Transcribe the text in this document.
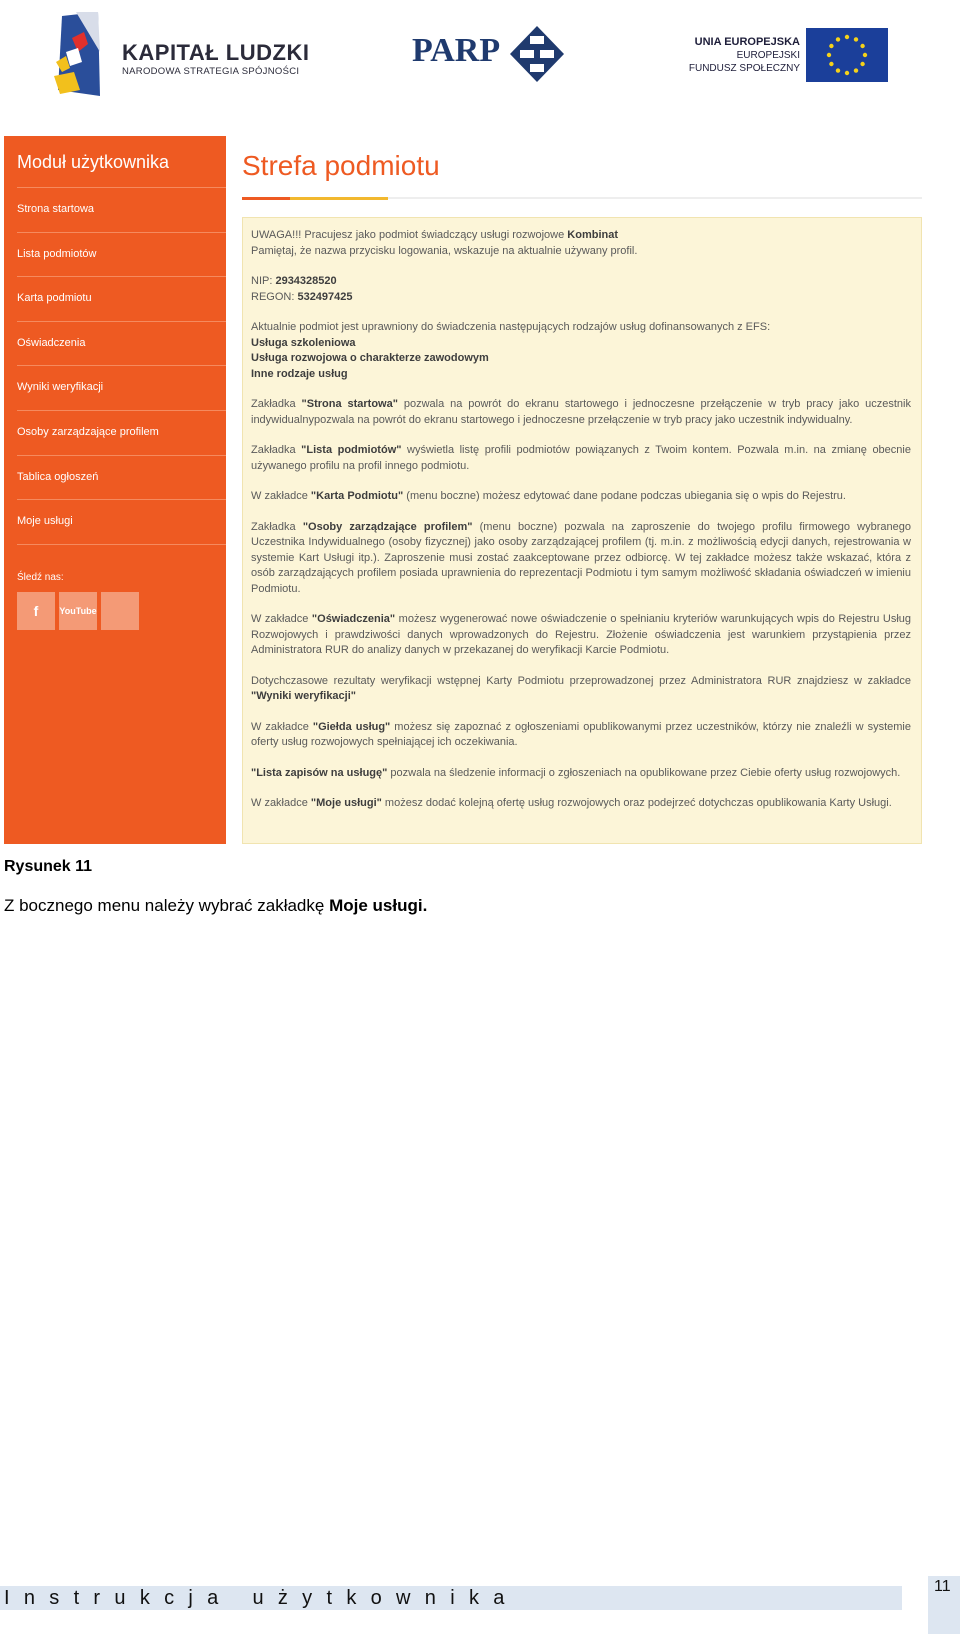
KAPITAŁ LUDZKI
NARODOWA STRATEGIA SPÓJNOŚCI
PARP	UNIA EUROPEJSKA
EUROPEJSKI
FUNDUSZ SPOŁECZNY
Moduł użytkownika
Strona startowa
Lista podmiotów
Karta podmiotu
Oświadczenia
Wyniki weryfikacji
Osoby zarządzające profilem
Tablica ogłoszeń
Moje usługi
Śledź nas:
f	You Tube
Strefa podmiotu

UWAGA!!! Pracujesz jako podmiot świadczący usługi rozwojowe Kombinat
Pamiętaj, że nazwa przycisku logowania, wskazuje na aktualnie używany profil.

NIP: 2934328520
REGON: 532497425

Aktualnie podmiot jest uprawniony do świadczenia następujących rodzajów usług dofinansowanych z EFS:
Usługa szkoleniowa
Usługa rozwojowa o charakterze zawodowym
Inne rodzaje usług

Zakładka "Strona startowa" pozwala na powrót do ekranu startowego i jednoczesne przełączenie w tryb pracy jako uczestnik indywidualnypozwala na powrót do ekranu startowego i jednoczesne przełączenie w tryb pracy jako uczestnik indywidualny.

Zakładka "Lista podmiotów" wyświetla listę profili podmiotów powiązanych z Twoim kontem. Pozwala m.in. na zmianę obecnie używanego profilu na profil innego podmiotu.

W zakładce "Karta Podmiotu" (menu boczne) możesz edytować dane podane podczas ubiegania się o wpis do Rejestru.

Zakładka "Osoby zarządzające profilem" (menu boczne) pozwala na zaproszenie do twojego profilu firmowego wybranego Uczestnika Indywidualnego (osoby fizycznej) jako osoby zarządzającej profilem (tj. m.in. z możliwością edycji danych, rejestrowania w systemie Kart Usługi itp.). Zaproszenie musi zostać zaakceptowane przez odbiorcę. W tej zakładce możesz także wskazać, która z osób zarządzających profilem posiada uprawnienia do reprezentacji Podmiotu i tym samym możliwość składania oświadczeń w imieniu Podmiotu.

W zakładce "Oświadczenia" możesz wygenerować nowe oświadczenie o spełnianiu kryteriów warunkujących wpis do Rejestru Usług Rozwojowych i prawdziwości danych wprowadzonych do Rejestru. Złożenie oświadczenia jest warunkiem przystąpienia przez Administratora RUR do analizy danych w przekazanej do weryfikacji Karcie Podmiotu.

Dotychczasowe rezultaty weryfikacji wstępnej Karty Podmiotu przeprowadzonej przez Administratora RUR znajdziesz w zakładce "Wyniki weryfikacji"

W zakładce "Giełda usług" możesz się zapoznać z ogłoszeniami opublikowanymi przez uczestników, którzy nie znaleźli w systemie oferty usług rozwojowych spełniającej ich oczekiwania.

"Lista zapisów na usługę" pozwala na śledzenie informacji o zgłoszeniach na opublikowane przez Ciebie oferty usług rozwojowych.

W zakładce "Moje usługi" możesz dodać kolejną ofertę usług rozwojowych oraz podejrzeć dotychczas opublikowania Karty Usługi.

Rysunek 11
Z bocznego menu należy wybrać zakładkę Moje usługi.
Instrukcja użytkownika
11
